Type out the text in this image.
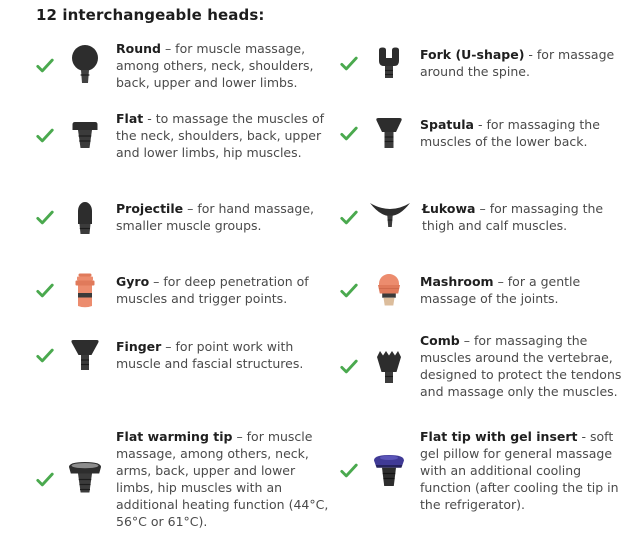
12 interchangeable heads:

Round – for muscle massage, among others, neck, shoulders, back, upper and lower limbs.

Flat - to massage the muscles of the neck, shoulders, back, upper and lower limbs, hip muscles.

Projectile – for hand massage, smaller muscle groups.

Gyro – for deep penetration of muscles and trigger points.

Finger – for point work with muscle and fascial structures.

Flat warming tip – for muscle massage, among others, neck, arms, back, upper and lower limbs, hip muscles with an additional heating function (44°C, 56°C or 61°C).

Fork (U-shape) - for massage around the spine.

Spatula - for massaging the muscles of the lower back.

Łukowa – for massaging the thigh and calf muscles.

Mashroom – for a gentle massage of the joints.

Comb – for massaging the muscles around the vertebrae, designed to protect the tendons and massage only the muscles.

Flat tip with gel insert - soft gel pillow for general massage with an additional cooling function (after cooling the tip in the refrigerator).
